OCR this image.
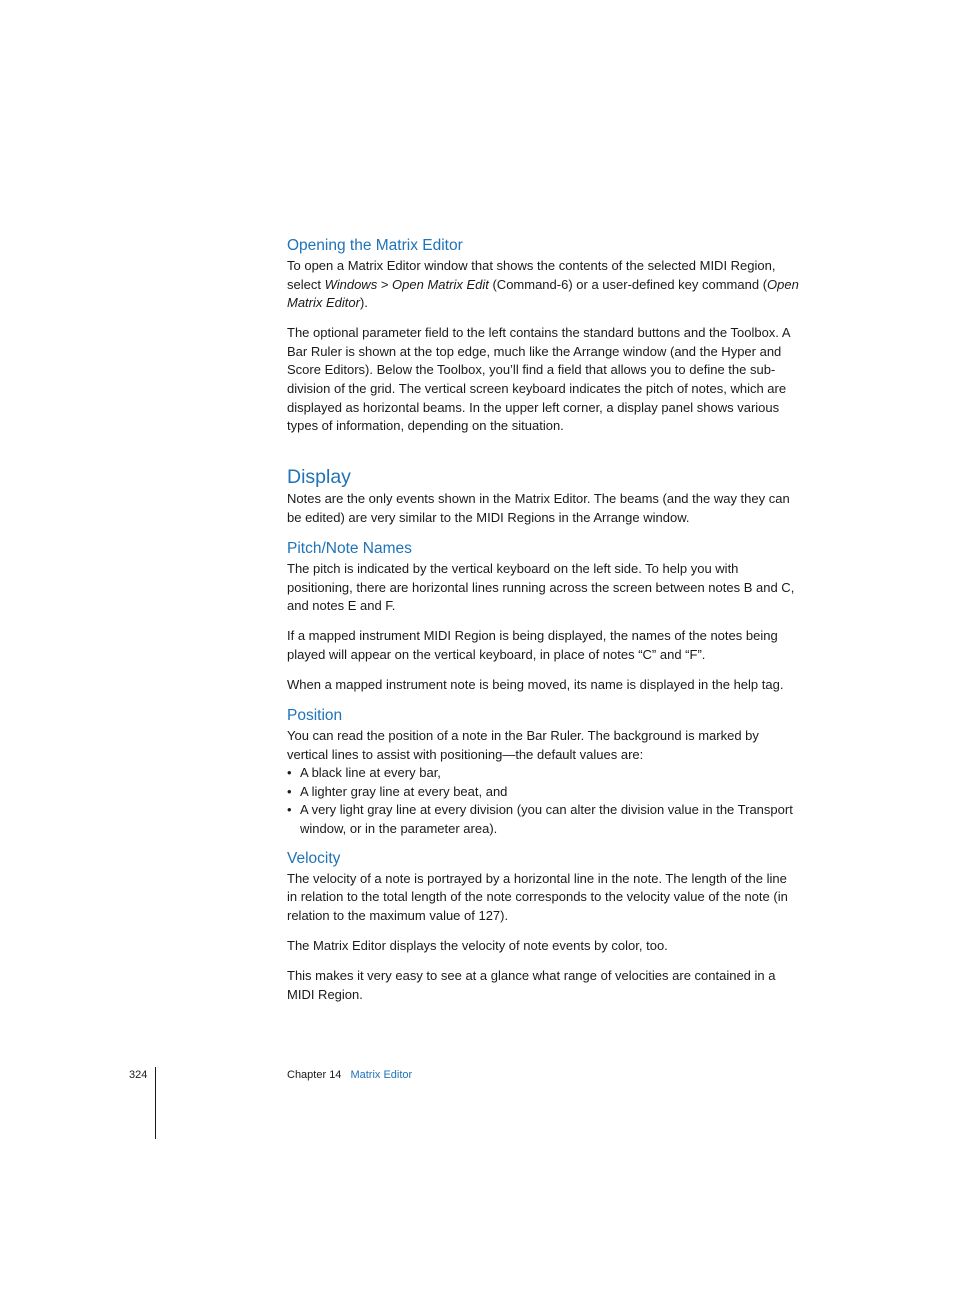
Opening the Matrix Editor

To open a Matrix Editor window that shows the contents of the selected MIDI Region, select Windows > Open Matrix Edit (Command-6) or a user-defined key command (Open Matrix Editor).

The optional parameter field to the left contains the standard buttons and the Toolbox. A Bar Ruler is shown at the top edge, much like the Arrange window (and the Hyper and Score Editors). Below the Toolbox, you’ll find a field that allows you to define the sub-division of the grid. The vertical screen keyboard indicates the pitch of notes, which are displayed as horizontal beams. In the upper left corner, a display panel shows various types of information, depending on the situation.

Display

Notes are the only events shown in the Matrix Editor. The beams (and the way they can be edited) are very similar to the MIDI Regions in the Arrange window.

Pitch/Note Names

The pitch is indicated by the vertical keyboard on the left side. To help you with positioning, there are horizontal lines running across the screen between notes B and C, and notes E and F.

If a mapped instrument MIDI Region is being displayed, the names of the notes being played will appear on the vertical keyboard, in place of notes “C” and “F”.

When a mapped instrument note is being moved, its name is displayed in the help tag.

Position

You can read the position of a note in the Bar Ruler. The background is marked by vertical lines to assist with positioning—the default values are:

• A black line at every bar,
• A lighter gray line at every beat, and
• A very light gray line at every division (you can alter the division value in the Transport window, or in the parameter area).
Velocity

The velocity of a note is portrayed by a horizontal line in the note. The length of the line in relation to the total length of the note corresponds to the velocity value of the note (in relation to the maximum value of 127).

The Matrix Editor displays the velocity of note events by color, too.

This makes it very easy to see at a glance what range of velocities are contained in a MIDI Region.

324	Chapter 14 Matrix Editor
